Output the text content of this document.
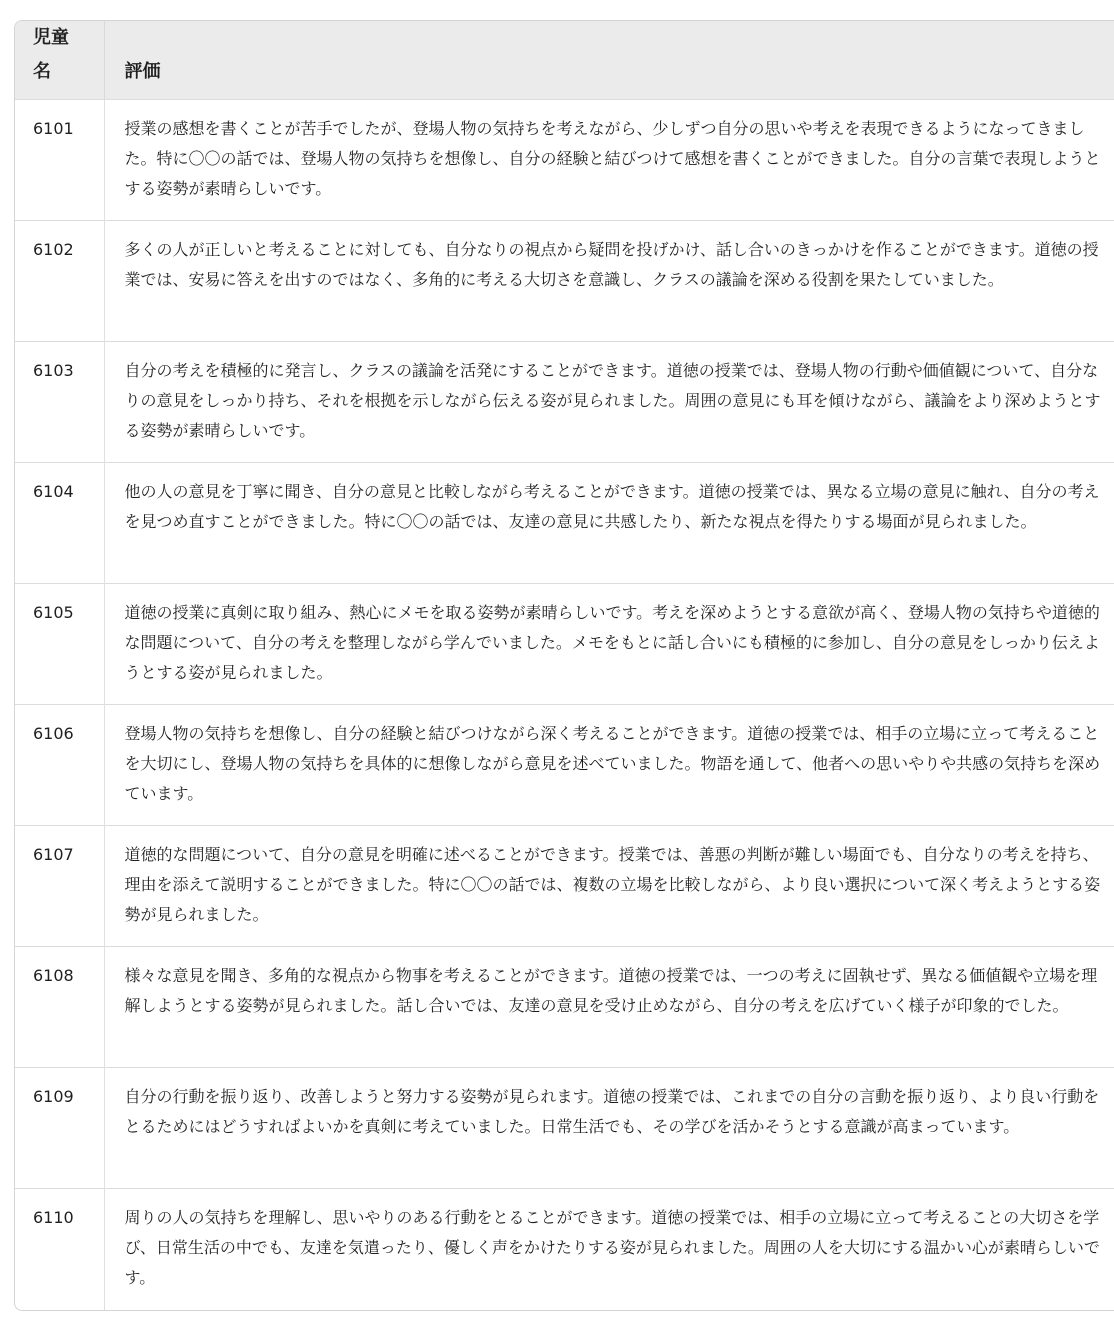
児童
名	評価
6101	授業の感想を書くことが苦手でしたが、登場人物の気持ちを考えながら、少しずつ自分の思いや考えを表現できるようになってきました。特に〇〇の話では、登場人物の気持ちを想像し、自分の経験と結びつけて感想を書くことができました。自分の言葉で表現しようとする姿勢が素晴らしいです。
6102	多くの人が正しいと考えることに対しても、自分なりの視点から疑問を投げかけ、話し合いのきっかけを作ることができます。道徳の授業では、安易に答えを出すのではなく、多角的に考える大切さを意識し、クラスの議論を深める役割を果たしていました。
6103	自分の考えを積極的に発言し、クラスの議論を活発にすることができます。道徳の授業では、登場人物の行動や価値観について、自分なりの意見をしっかり持ち、それを根拠を示しながら伝える姿が見られました。周囲の意見にも耳を傾けながら、議論をより深めようとする姿勢が素晴らしいです。
6104	他の人の意見を丁寧に聞き、自分の意見と比較しながら考えることができます。道徳の授業では、異なる立場の意見に触れ、自分の考えを見つめ直すことができました。特に〇〇の話では、友達の意見に共感したり、新たな視点を得たりする場面が見られました。
6105	道徳の授業に真剣に取り組み、熱心にメモを取る姿勢が素晴らしいです。考えを深めようとする意欲が高く、登場人物の気持ちや道徳的な問題について、自分の考えを整理しながら学んでいました。メモをもとに話し合いにも積極的に参加し、自分の意見をしっかり伝えようとする姿が見られました。
6106	登場人物の気持ちを想像し、自分の経験と結びつけながら深く考えることができます。道徳の授業では、相手の立場に立って考えることを大切にし、登場人物の気持ちを具体的に想像しながら意見を述べていました。物語を通して、他者への思いやりや共感の気持ちを深めています。
6107	道徳的な問題について、自分の意見を明確に述べることができます。授業では、善悪の判断が難しい場面でも、自分なりの考えを持ち、理由を添えて説明することができました。特に〇〇の話では、複数の立場を比較しながら、より良い選択について深く考えようとする姿勢が見られました。
6108	様々な意見を聞き、多角的な視点から物事を考えることができます。道徳の授業では、一つの考えに固執せず、異なる価値観や立場を理解しようとする姿勢が見られました。話し合いでは、友達の意見を受け止めながら、自分の考えを広げていく様子が印象的でした。
6109	自分の行動を振り返り、改善しようと努力する姿勢が見られます。道徳の授業では、これまでの自分の言動を振り返り、より良い行動をとるためにはどうすればよいかを真剣に考えていました。日常生活でも、その学びを活かそうとする意識が高まっています。
6110	周りの人の気持ちを理解し、思いやりのある行動をとることができます。道徳の授業では、相手の立場に立って考えることの大切さを学び、日常生活の中でも、友達を気遣ったり、優しく声をかけたりする姿が見られました。周囲の人を大切にする温かい心が素晴らしいです。
